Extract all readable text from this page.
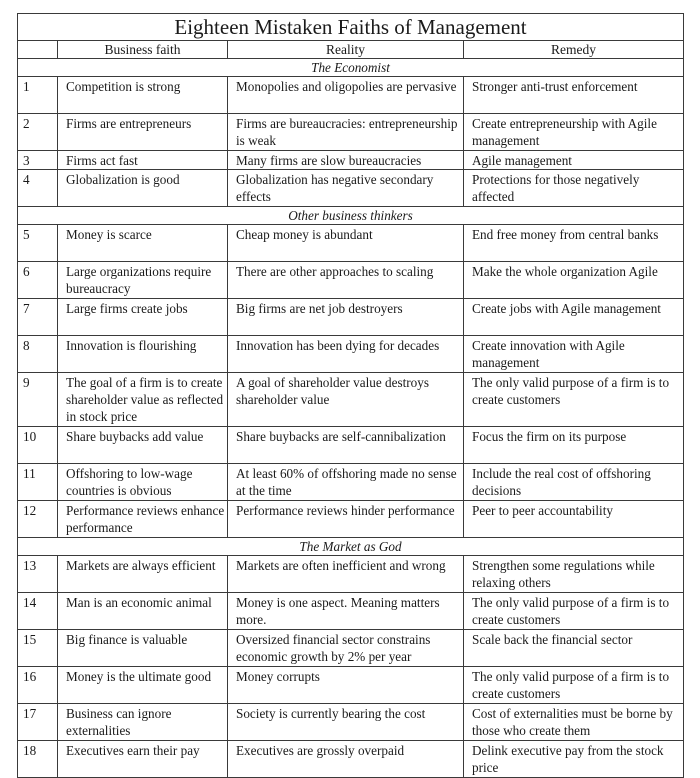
Eighteen Mistaken Faiths of Management			
	Business faith	Reality	Remedy
The Economist			
1	Competition is strong	Monopolies and oligopolies are pervasive	Stronger anti-trust enforcement
2	Firms are entrepreneurs	Firms are bureaucracies: entrepreneurship is weak	Create entrepreneurship with Agile management
3	Firms act fast	Many firms are slow bureaucracies	Agile management
4	Globalization is good	Globalization has negative secondary effects	Protections for those negatively affected
Other business thinkers			
5	Money is scarce	Cheap money is abundant	End free money from central banks
6	Large organizations require bureaucracy	There are other approaches to scaling	Make the whole organization Agile
7	Large firms create jobs	Big firms are net job destroyers	Create jobs with Agile management
8	Innovation is flourishing	Innovation has been dying for decades	Create innovation with Agile management
9	The goal of a firm is to create shareholder value as reflected in stock price	A goal of shareholder value destroys shareholder value	The only valid purpose of a firm is to create customers
10	Share buybacks add value	Share buybacks are self-cannibalization	Focus the firm on its purpose
11	Offshoring to low-wage countries is obvious	At least 60% of offshoring made no sense at the time	Include the real cost of offshoring decisions
12	Performance reviews enhance performance	Performance reviews hinder performance	Peer to peer accountability
The Market as God			
13	Markets are always efficient	Markets are often inefficient and wrong	Strengthen some regulations while relaxing others
14	Man is an economic animal	Money is one aspect. Meaning matters more.	The only valid purpose of a firm is to create customers
15	Big finance is valuable	Oversized financial sector constrains economic growth by 2% per year	Scale back the financial sector
16	Money is the ultimate good	Money corrupts	The only valid purpose of a firm is to create customers
17	Business can ignore externalities	Society is currently bearing the cost	Cost of externalities must be borne by those who create them
18	Executives earn their pay	Executives are grossly overpaid	Delink executive pay from the stock price
